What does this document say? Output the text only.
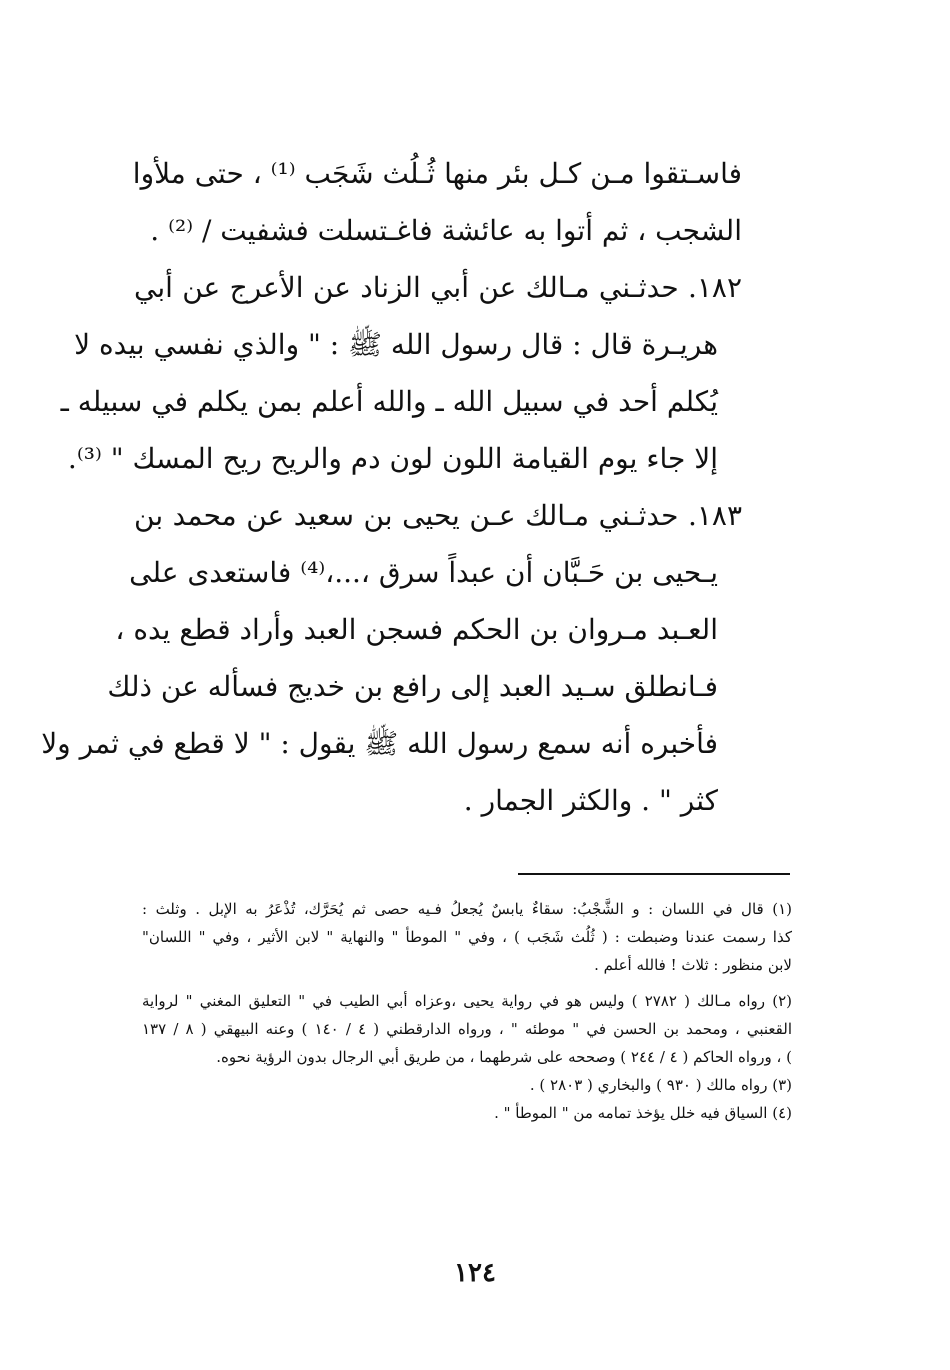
فاسـتقوا مـن كـل بئر منها ثُـلُث شَجَب ⁽¹⁾ ، حتى ملأوا
الشجب ، ثم أتوا به عائشة فاغـتسلت فشفيت / ⁽²⁾ .
١٨٢. حدثـني مـالك عن أبي الزناد عن الأعرج عن أبي
هريـرة قال : قال رسول الله ﷺ : " والذي نفسي بيده لا
يُكلم أحد في سبيل الله ـ والله أعلم بمن يكلم في سبيله ـ
إلا جاء يوم القيامة اللون لون دم والريح ريح المسك " ⁽³⁾.
١٨٣. حدثـني مـالك عـن يحيى بن سعيد عن محمد بن
يـحيى بن حَـبَّان أن عبداً سرق ،...،⁽⁴⁾ فاستعدى على
العـبد مـروان بن الحكم فسجن العبد وأراد قطع يده ،
فـانطلق سـيد العبد إلى رافع بن خديج فسأله عن ذلك
فأخبره أنه سمع رسول الله ﷺ يقول : " لا قطع في ثمر ولا
كثر " . والكثر الجمار .
(١) قال في اللسان : و الشَّجْبُ: سقاءٌ يابسٌ يُجعلُ فـيه حصى ثم يُحَرَّك، تُذْعَرُ به الإبل . وثلث :
كذا رسمت عندنا وضبطت : ( ثُلُث شَجَب ) ، وفي " الموطأ " والنهاية " لابن الأثير ، وفي " اللسان"
لابن منظور : ثلاث ! فالله أعلم .
(٢) رواه مـالك ( ٢٧٨٢ ) وليس هو في رواية يحيى ،وعزاه أبي الطيب في " التعليق المغني " لرواية
القعنبي ، ومحمد بن الحسن في " موطئه " ، ورواه الدارقطني ( ٤ / ١٤٠ ) وعنه البيهقي ( ٨ / ١٣٧
) ، ورواه الحاكم ( ٤ / ٢٤٤ ) وصححه على شرطهما ، من طريق أبي الرجال بدون الرؤية نحوه.
(٣) رواه مالك ( ٩٣٠ ) والبخاري ( ٢٨٠٣ ) .
(٤) السياق فيه خلل يؤخذ تمامه من " الموطأ " .
١٢٤
